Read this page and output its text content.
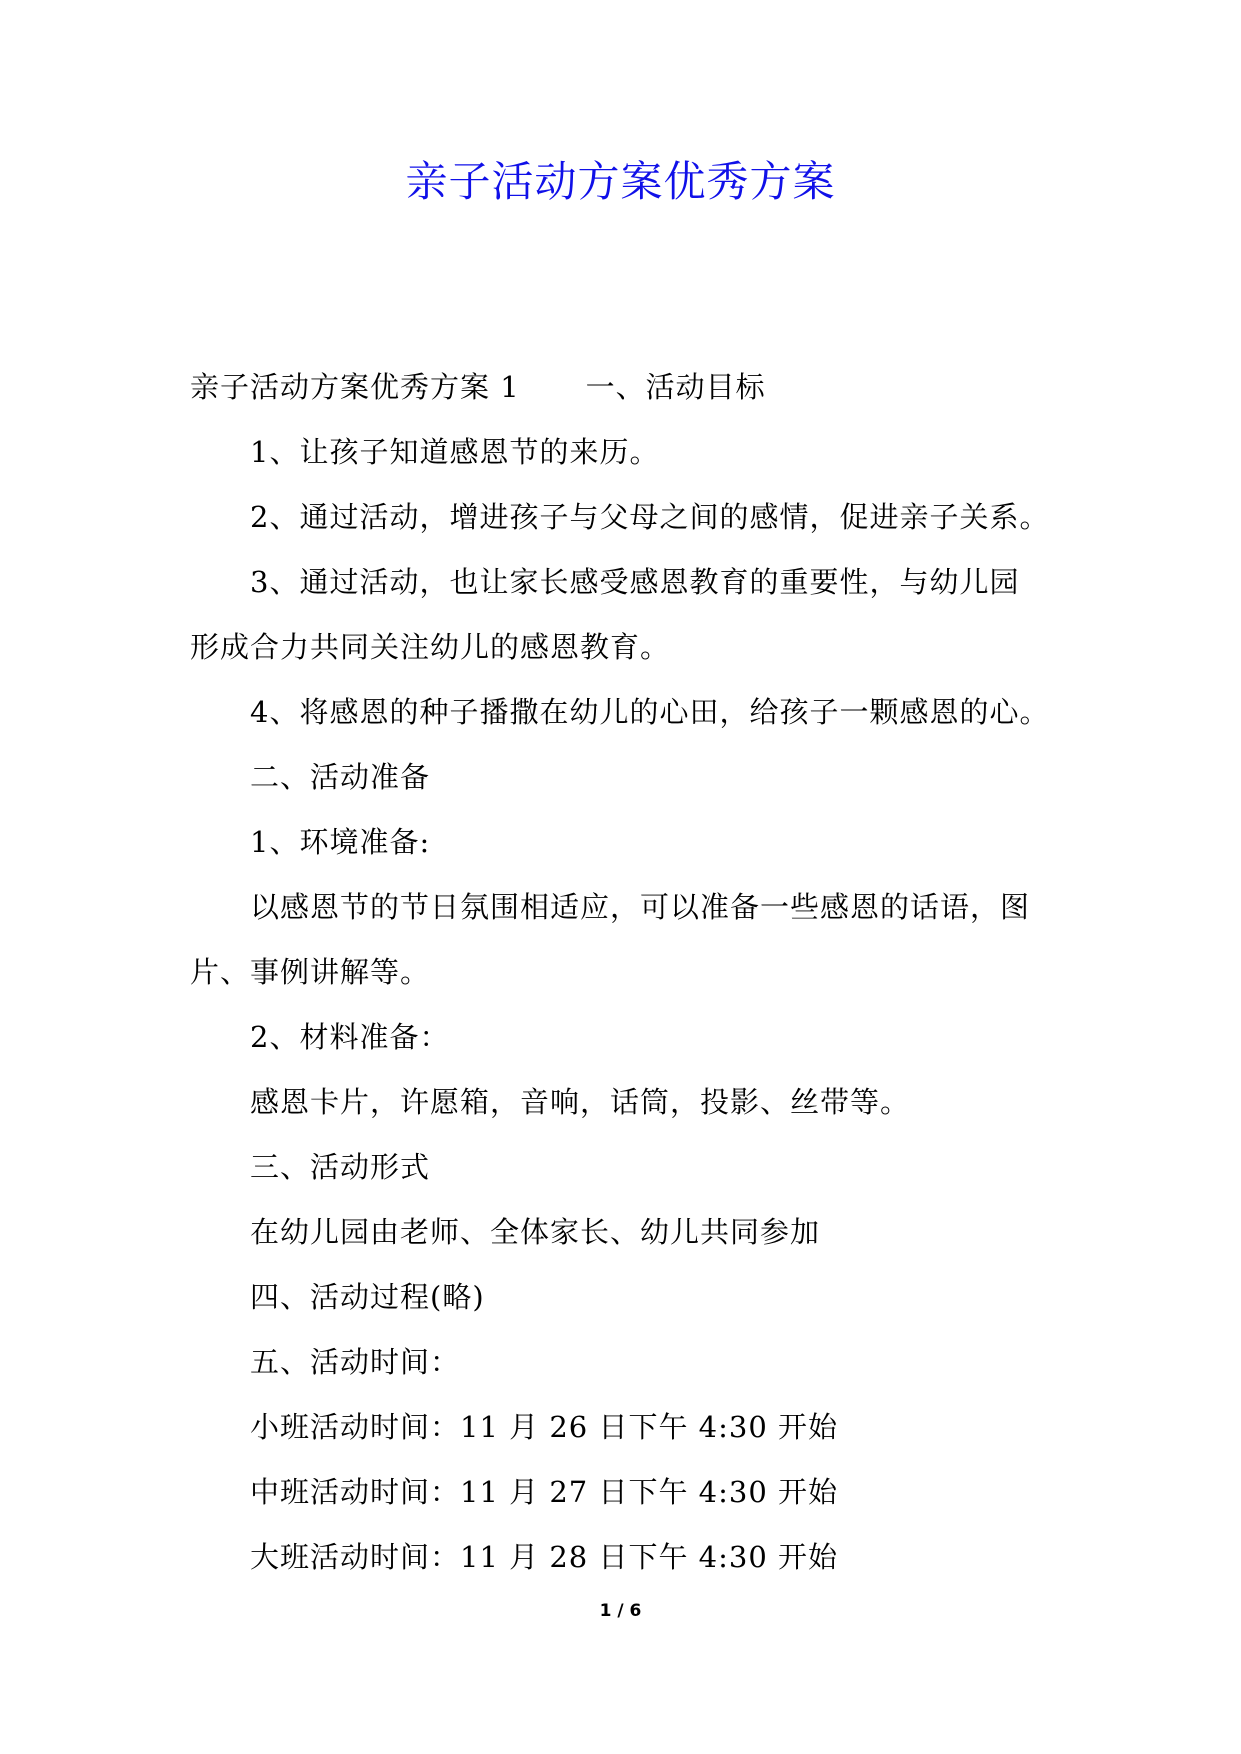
亲子活动方案优秀方案
亲子活动方案优秀方案 1 一、活动目标
1、让孩子知道感恩节的来历。
2、通过活动，增进孩子与父母之间的感情，促进亲子关系。
3、通过活动，也让家长感受感恩教育的重要性，与幼儿园
形成合力共同关注幼儿的感恩教育。
4、将感恩的种子播撒在幼儿的心田，给孩子一颗感恩的心。
二、活动准备
1、环境准备:
以感恩节的节日氛围相适应，可以准备一些感恩的话语，图
片、事例讲解等。
2、材料准备：
感恩卡片，许愿箱，音响，话筒，投影、丝带等。
三、活动形式
在幼儿园由老师、全体家长、幼儿共同参加
四、活动过程(略)
五、活动时间：
小班活动时间：11 月 26 日下午 4:30 开始
中班活动时间：11 月 27 日下午 4:30 开始
大班活动时间：11 月 28 日下午 4:30 开始
1 / 6
